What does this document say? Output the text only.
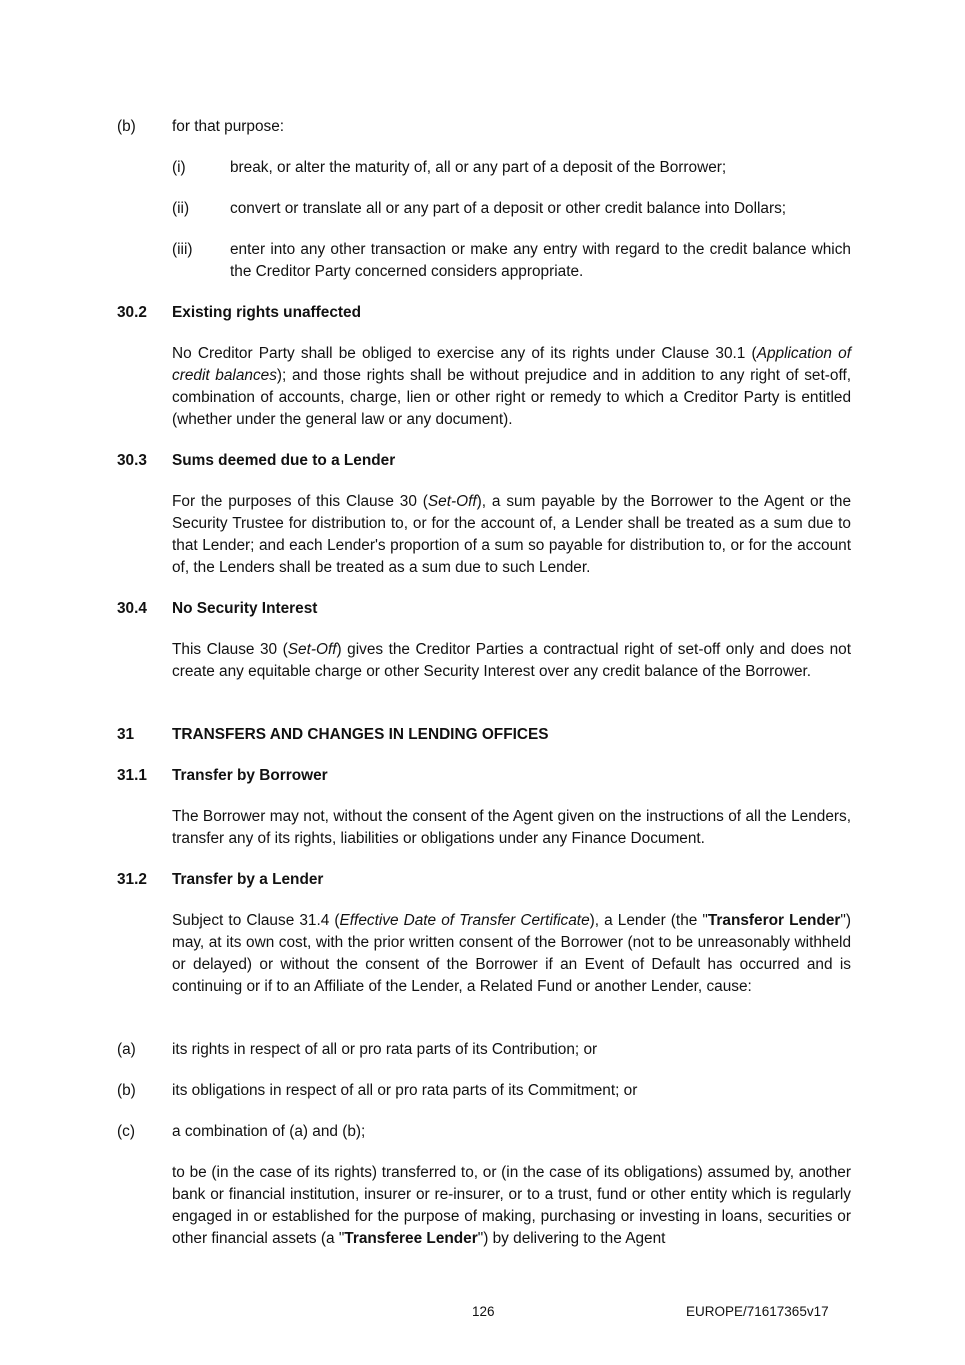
(b) for that purpose:
(i)	break, or alter the maturity of, all or any part of a deposit of the Borrower;
(ii)	convert or translate all or any part of a deposit or other credit balance into Dollars;
(iii) enter into any other transaction or make any entry with regard to the credit balance which the Creditor Party concerned considers appropriate.
30.2 Existing rights unaffected
No Creditor Party shall be obliged to exercise any of its rights under Clause 30.1 (Application of credit balances); and those rights shall be without prejudice and in addition to any right of set-off, combination of accounts, charge, lien or other right or remedy to which a Creditor Party is entitled (whether under the general law or any document).
30.3 Sums deemed due to a Lender
For the purposes of this Clause 30 (Set-Off), a sum payable by the Borrower to the Agent or the Security Trustee for distribution to, or for the account of, a Lender shall be treated as a sum due to that Lender; and each Lender's proportion of a sum so payable for distribution to, or for the account of, the Lenders shall be treated as a sum due to such Lender.
30.4 No Security Interest
This Clause 30 (Set-Off) gives the Creditor Parties a contractual right of set-off only and does not create any equitable charge or other Security Interest over any credit balance of the Borrower.
31 TRANSFERS AND CHANGES IN LENDING OFFICES
31.1 Transfer by Borrower
The Borrower may not, without the consent of the Agent given on the instructions of all the Lenders, transfer any of its rights, liabilities or obligations under any Finance Document.
31.2 Transfer by a Lender
Subject to Clause 31.4 (Effective Date of Transfer Certificate), a Lender (the "Transferor Lender") may, at its own cost, with the prior written consent of the Borrower (not to be unreasonably withheld or delayed) or without the consent of the Borrower if an Event of Default has occurred and is continuing or if to an Affiliate of the Lender, a Related Fund or another Lender, cause:
(a) its rights in respect of all or pro rata parts of its Contribution; or
(b) its obligations in respect of all or pro rata parts of its Commitment; or
(c) a combination of (a) and (b);
to be (in the case of its rights) transferred to, or (in the case of its obligations) assumed by, another bank or financial institution, insurer or re-insurer, or to a trust, fund or other entity which is regularly engaged in or established for the purpose of making, purchasing or investing in loans, securities or other financial assets (a "Transferee Lender") by delivering to the Agent
126	EUROPE/71617365v17
